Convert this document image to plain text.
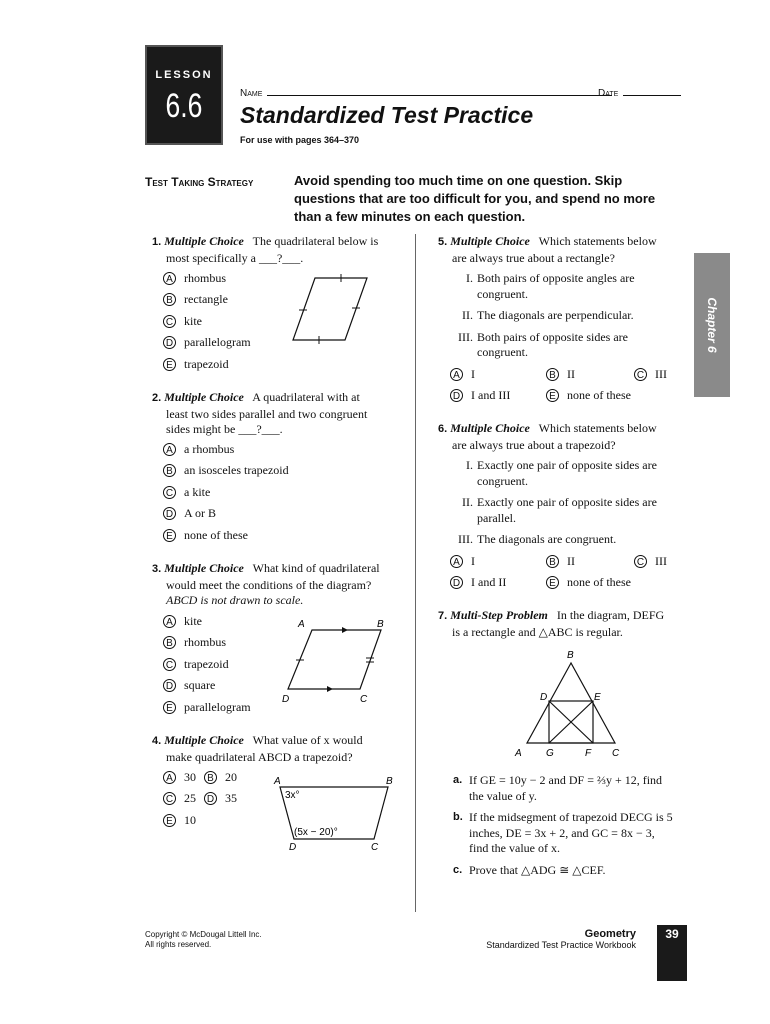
LESSON
6.6	Name	Date
Standardized Test Practice
For use with pages 364–370
Test Taking Strategy	Avoid spending too much time on one question. Skip questions that are too difficult for you, and spend no more than a few minutes on each question.
Chapter 6
1. Multiple Choice The quadrilateral below is
most specifically a ___?___.
A rhombus
B rectangle
C kite
D parallelogram
E trapezoid
2. Multiple Choice A quadrilateral with at
least two sides parallel and two congruent
sides might be ___?___.
A a rhombus
B an isosceles trapezoid
C a kite
D A or B
E none of these
3. Multiple Choice What kind of quadrilateral
would meet the conditions of the diagram?
ABCD is not drawn to scale.
A kite
B rhombus
C trapezoid
D square
E parallelogram
A	B
C
D
4. Multiple Choice What value of x would
make quadrilateral ABCD a trapezoid?
A 30	B 20
C 25	D 35
E 10
A	B
C
D
3x°
(5x − 20)°
5. Multiple Choice Which statements below
are always true about a rectangle?
I. Both pairs of opposite angles are
congruent.
II. The diagonals are perpendicular.
III. Both pairs of opposite sides are
congruent.
A I	B II	C III
D I and III	E none of these
6. Multiple Choice Which statements below
are always true about a trapezoid?
I. Exactly one pair of opposite sides are
congruent.
II. Exactly one pair of opposite sides are
parallel.
III. The diagonals are congruent.
A I	B II	C III
D I and II	E none of these
7. Multi-Step Problem In the diagram, DEFG
is a rectangle and △ABC is regular.
B
D	E
A G	F C
a. If GE = 10y − 2 and DF = ⅔y + 12, find
the value of y.
b. If the midsegment of trapezoid DECG is 5
inches, DE = 3x + 2, and GC = 8x − 3,
find the value of x.
c. Prove that △ADG ≅ △CEF.
Copyright © McDougal Littell Inc.
All rights reserved.
Geometry
Standardized Test Practice Workbook
39
